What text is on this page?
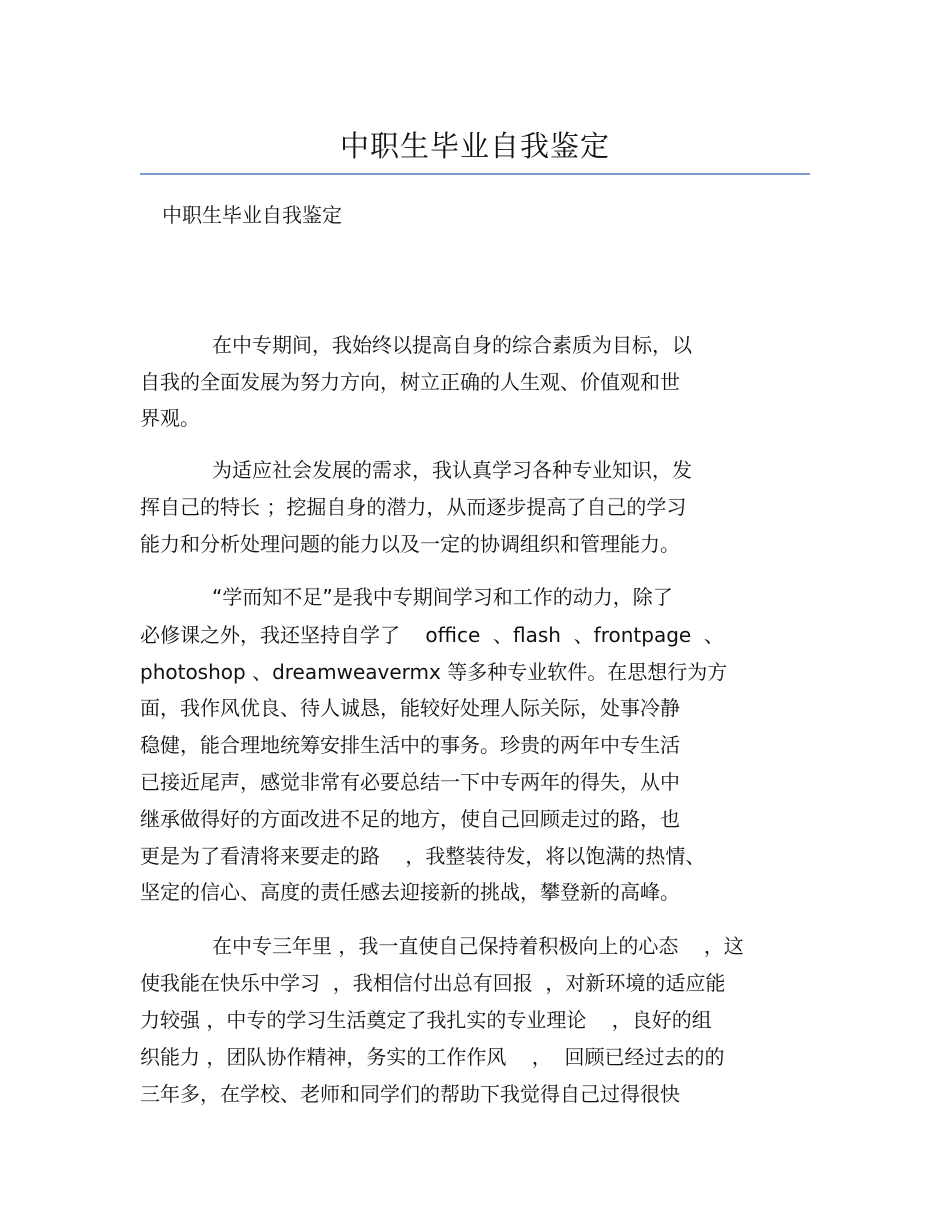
中职生毕业自我鉴定
中职生毕业自我鉴定
在中专期间，我始终以提高自身的综合素质为目标，以
自我的全面发展为努力方向，树立正确的人生观、价值观和世
界观。
为适应社会发展的需求，我认真学习各种专业知识，发
挥自己的特长 ；挖掘自身的潜力，从而逐步提高了自己的学习
能力和分析处理问题的能力以及一定的协调组织和管理能力。
“学而知不足”是我中专期间学习和工作的动力，除了
必修课之外，我还坚持自学了    office  、flash  、frontpage  、
photoshop 、dreamweavermx 等多种专业软件。在思想行为方
面，我作风优良、待人诚恳，能较好处理人际关际，处事冷静
稳健，能合理地统筹安排生活中的事务。珍贵的两年中专生活
已接近尾声，感觉非常有必要总结一下中专两年的得失，从中
继承做得好的方面改进不足的地方，使自己回顾走过的路，也
更是为了看清将来要走的路    ，我整装待发，将以饱满的热情、
坚定的信心、高度的责任感去迎接新的挑战，攀登新的高峰。
在中专三年里 ，我一直使自己保持着积极向上的心态    ，这
使我能在快乐中学习  ，我相信付出总有回报  ，对新环境的适应能
力较强 ，中专的学习生活奠定了我扎实的专业理论    ，良好的组
织能力 ，团队协作精神，务实的工作作风    ，  回顾已经过去的的
三年多，在学校、老师和同学们的帮助下我觉得自己过得很快
